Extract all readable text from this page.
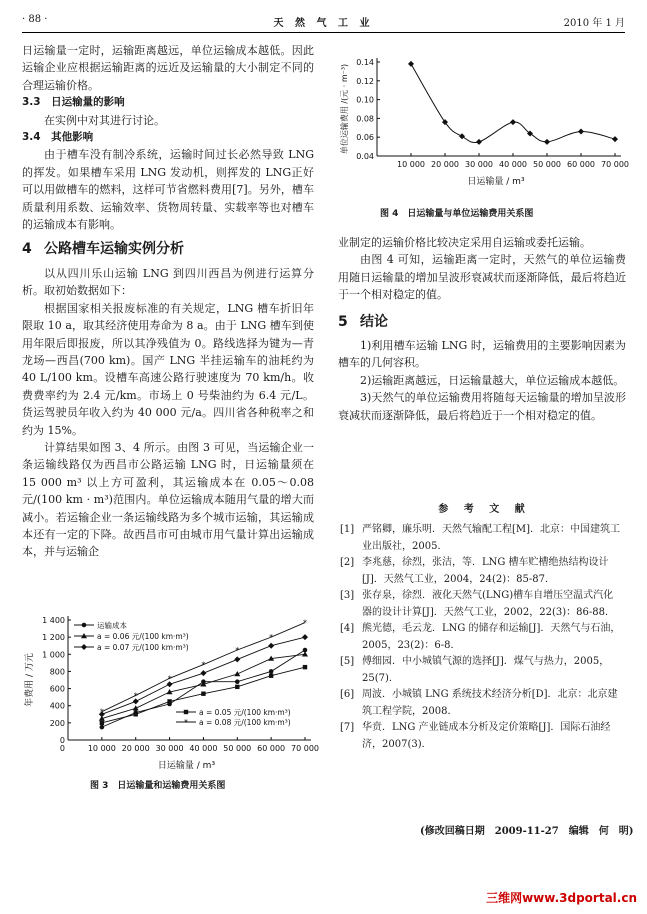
· 88 ·	天 然 气 工 业	2010 年 1 月

日运输量一定时，运输距离越远，单位运输成本越低。因此运输企业应根据运输距离的远近及运输量的大小制定不同的合理运输价格。

3.3　日运输量的影响

在实例中对其进行讨论。

3.4　其他影响

由于槽车没有制冷系统，运输时间过长必然导致 LNG 的挥发。如果槽车采用 LNG 发动机，则挥发的 LNG正好可以用做槽车的燃料，这样可节省燃料费用[7]。另外，槽车质量利用系数、运输效率、货物周转量、实载率等也对槽车的运输成本有影响。

4 公路槽车运输实例分析

以从四川乐山运输 LNG 到四川西昌为例进行运算分析。取初始数据如下：

根据国家相关报废标准的有关规定，LNG 槽车折旧年限取 10 a，取其经济使用寿命为 8 a。由于 LNG 槽车到使用年限后即报废，所以其净残值为 0。路线选择为键为—青龙场—西昌(700 km)。国产 LNG 半挂运输车的油耗约为 40 L/100 km。设槽车高速公路行驶速度为 70 km/h。收费费率约为 2.4 元/km。市场上 0 号柴油约为 6.4 元/L。货运驾驶员年收入约为 40 000 元/a。四川省各种税率之和约为 15%。

计算结果如图 3、4 所示。由图 3 可见，当运输企业一条运输线路仅为西昌市公路运输 LNG 时，日运输量须在 15 000 m³ 以上方可盈利，其运输成本在 0.05～0.08 元/(100 km · m³)范围内。单位运输成本随用气量的增大而减小。若运输企业一条运输线路为多个城市运输，其运输成本还有一定的下降。故西昌市可由城市用气量计算出运输成本，并与运输企

0
200
400
600
800
1 000
1 200
1 400
10 000 20 000 30 000 40 000 50 000 60 000 70 000
0
日运输量 / m³
年费用 / 万元
*
*
*
*
*
*
*
运输成本
a = 0.06 元/(100 km·m³)
a = 0.07 元/(100 km·m³)
a = 0.05 元/(100 km·m³)
* a = 0.08 元/(100 km·m³)
图 3　日运输量和运输费用关系图
0.04
0.06
0.08
0.10
0.12
0.14
10 000 20 000 30 000 40 000 50 000 60 000 70 000
日运输量 / m³
单位运输费用 /(元 · m⁻³)
图 4　日运输量与单位运输费用关系图

业制定的运输价格比较决定采用自运输或委托运输。

由图 4 可知，运输距离一定时，天然气的单位运输费用随日运输量的增加呈波形衰减状而逐渐降低，最后将趋近于一个相对稳定的值。

5 结论

1)利用槽车运输 LNG 时，运输费用的主要影响因素为槽车的几何容积。

2)运输距离越远，日运输量越大，单位运输成本越低。

3)天然气的单位运输费用将随每天运输量的增加呈波形衰减状而逐渐降低，最后将趋近于一个相对稳定的值。

参 考 文 献
[1] 严铭卿，廉乐明．天然气输配工程[M]．北京：中国建筑工业出版社，2005．
[2] 李兆慈，徐烈，张洁，等．LNG 槽车贮槽绝热结构设计[J]．天然气工业，2004，24(2)：85-87．
[3] 张存泉，徐烈．液化天然气(LNG)槽车自增压空温式汽化器的设计计算[J]．天然气工业，2002，22(3)：86-88．
[4] 熊光德，毛云龙．LNG 的储存和运输[J]．天然气与石油，2005，23(2)：6-8．
[5] 傅细园．中小城镇气源的选择[J]．煤气与热力，2005，25(7)．
[6] 周波．小城镇 LNG 系统技术经济分析[D]．北京：北京建筑工程学院，2008．
[7] 华贲．LNG 产业链成本分析及定价策略[J]．国际石油经济，2007(3)．
(修改回稿日期　2009-11-27　编辑　何　明)
三维网www.3dportal.cn
